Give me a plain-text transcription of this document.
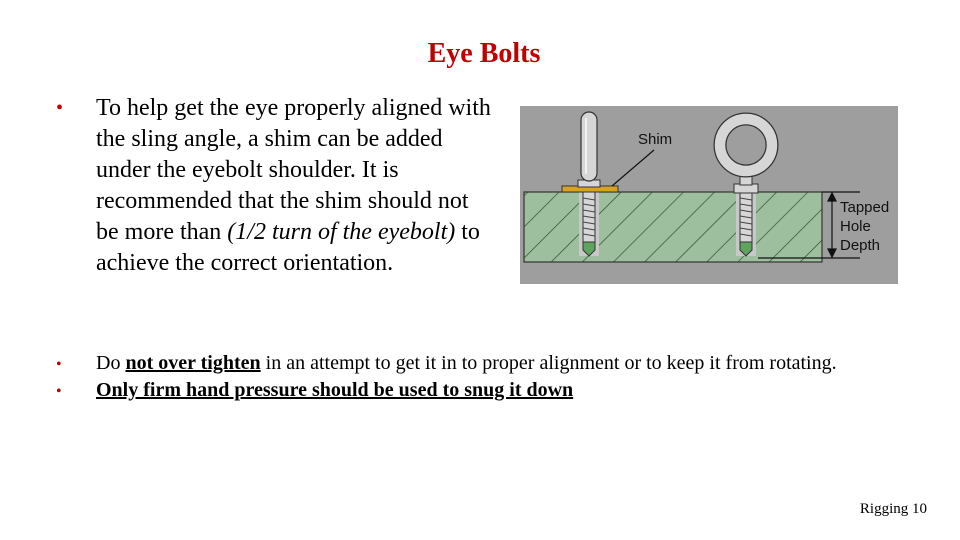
Eye Bolts
• To help get the eye properly aligned with the sling angle, a shim can be added under the eyebolt shoulder. It is recommended that the shim should not be more than (1/2 turn of the eyebolt) to achieve the correct orientation.
Shim
Tapped Hole Depth
• Do not over tighten in an attempt to get it in to proper alignment or to keep it from rotating.
• Only firm hand pressure should be used to snug it down
Rigging 10
